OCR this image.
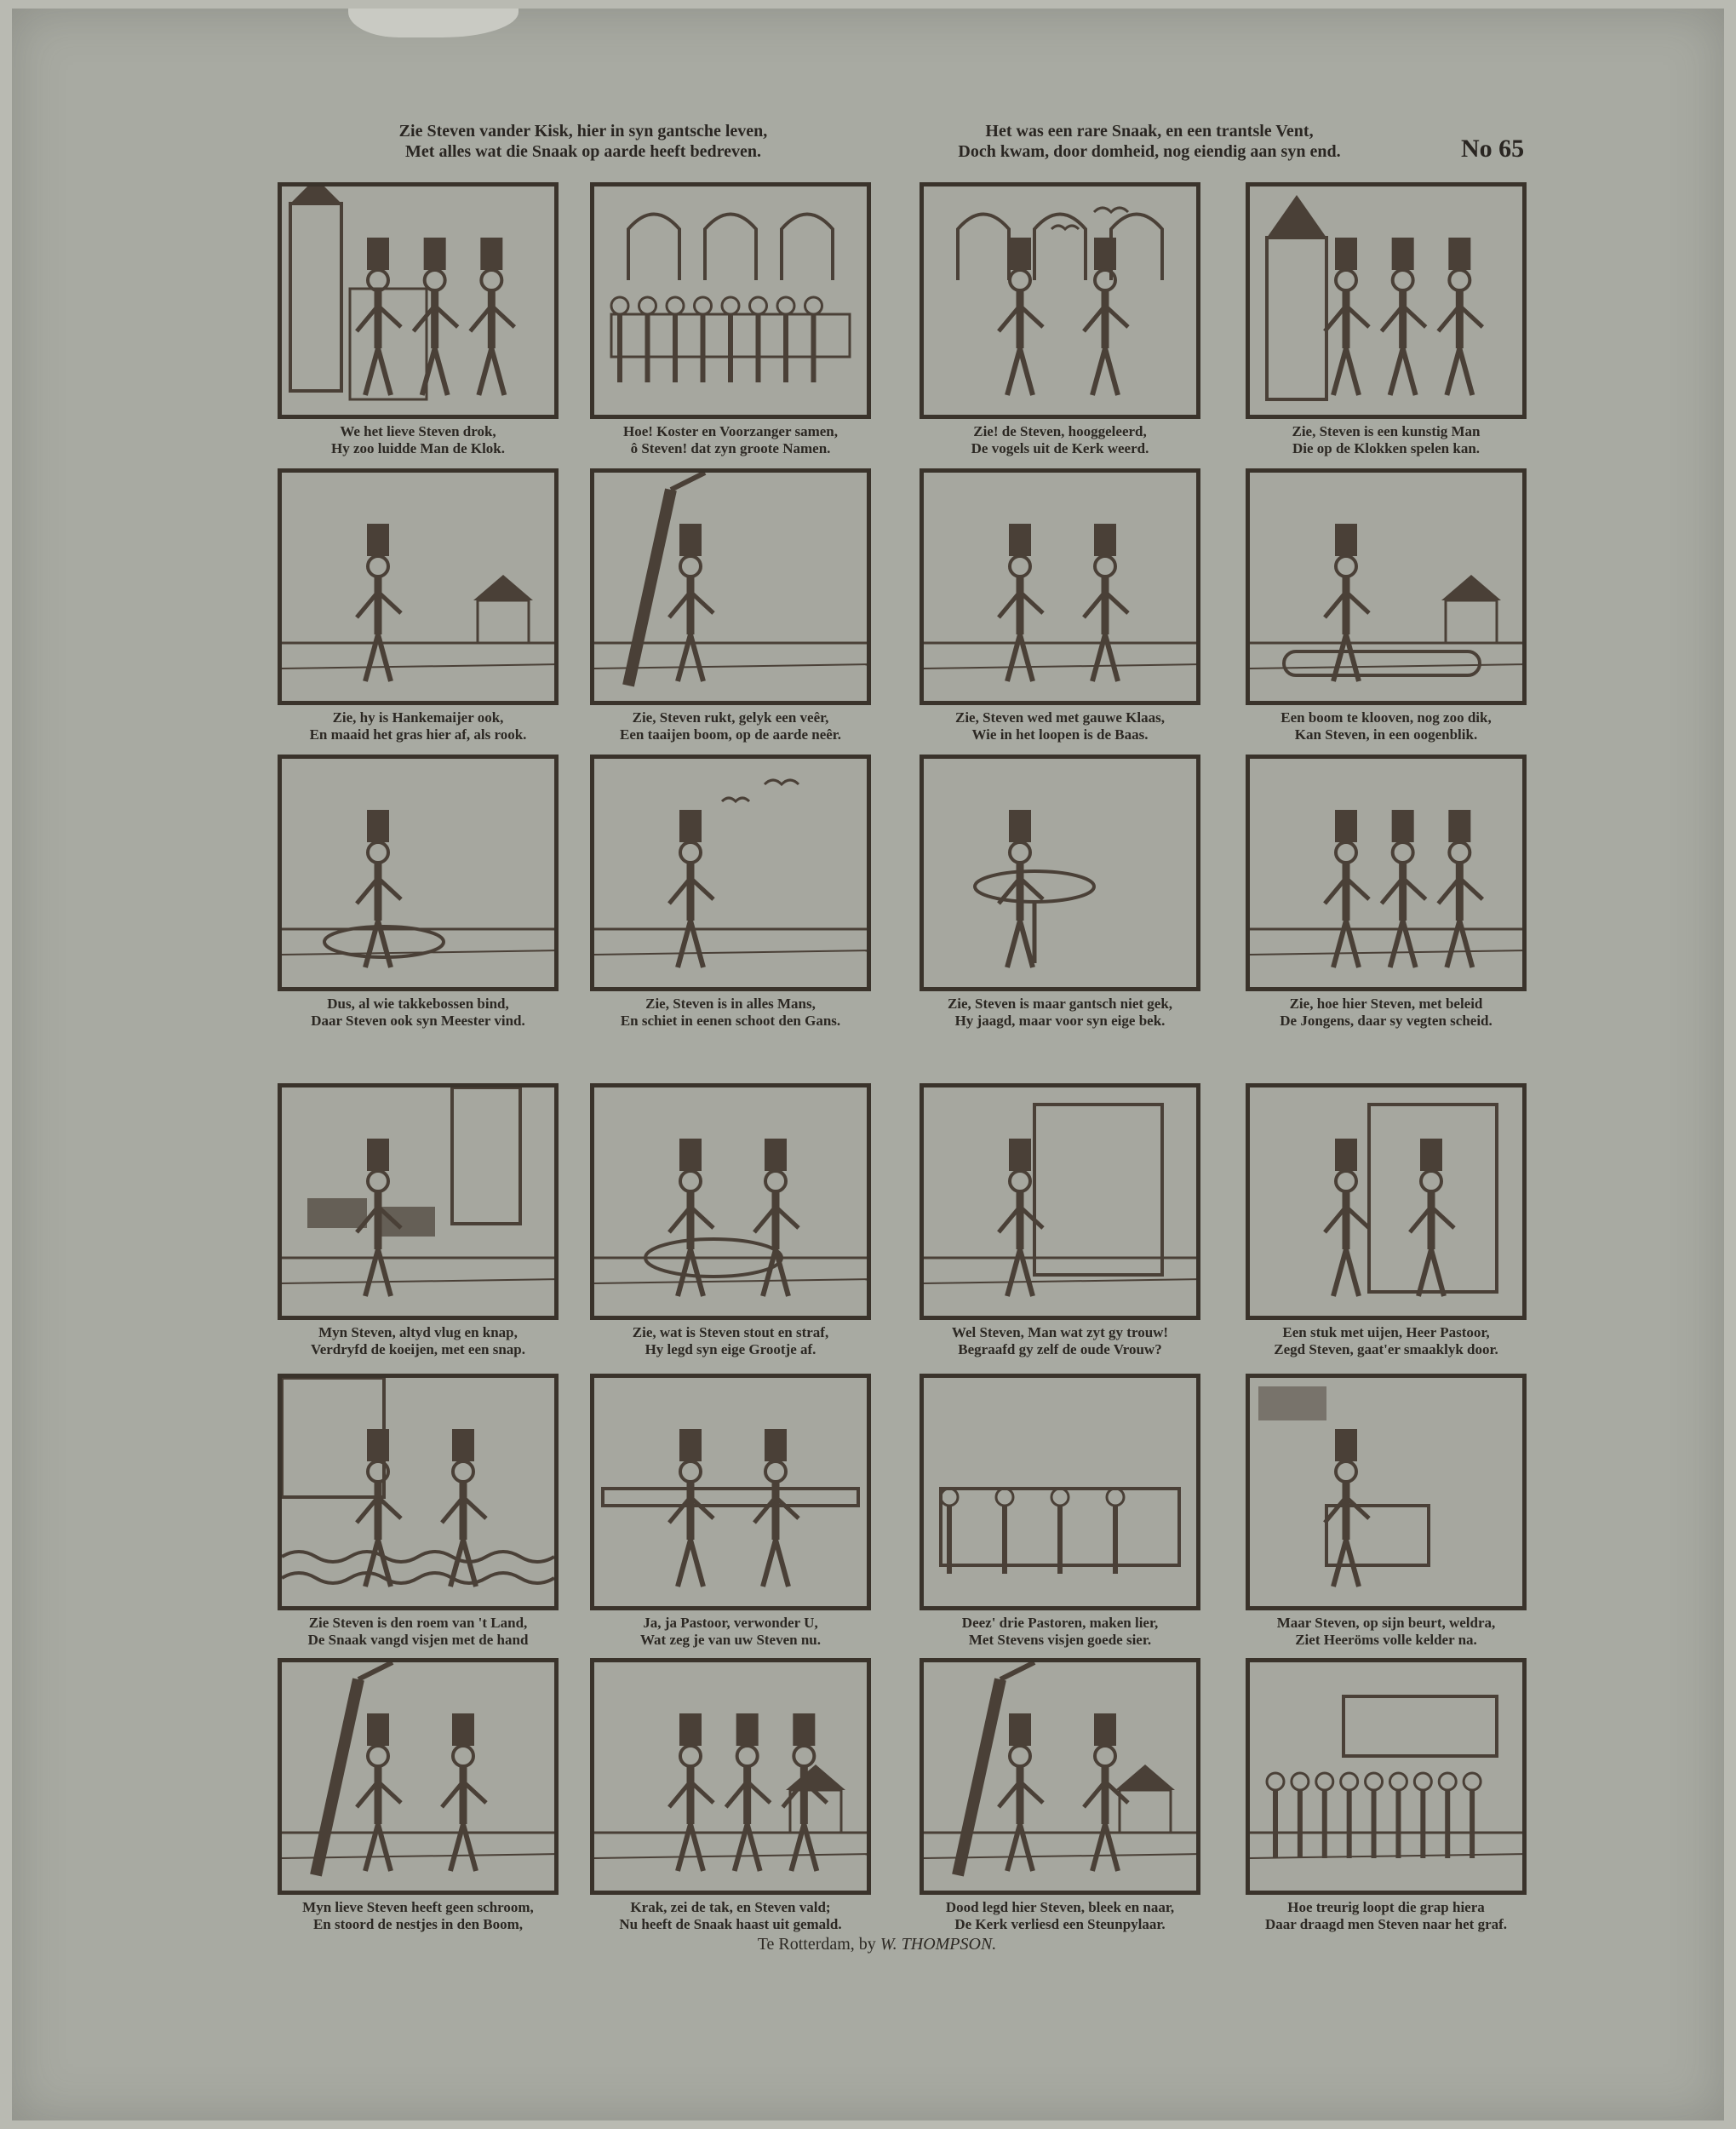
Zie Steven vander Kisk, hier in syn gantsche leven,
Met alles wat die Snaak op aarde heeft bedreven.
Het was een rare Snaak, en een trantsle Vent,
Doch kwam, door domheid, nog eiendig aan syn end.	No 65
Te Rotterdam, by W. THOMPSON.
We het lieve Steven drok,
Hy zoo luidde Man de Klok.
Hoe! Koster en Voorzanger samen,
ô Steven! dat zyn groote Namen.
Zie! de Steven, hooggeleerd,
De vogels uit de Kerk weerd.
Zie, Steven is een kunstig Man
Die op de Klokken spelen kan.
Zie, hy is Hankemaijer ook,
En maaid het gras hier af, als rook.
Zie, Steven rukt, gelyk een veêr,
Een taaijen boom, op de aarde neêr.
Zie, Steven wed met gauwe Klaas,
Wie in het loopen is de Baas.
Een boom te klooven, nog zoo dik,
Kan Steven, in een oogenblik.
Dus, al wie takkebossen bind,
Daar Steven ook syn Meester vind.
Zie, Steven is in alles Mans,
En schiet in eenen schoot den Gans.
Zie, Steven is maar gantsch niet gek,
Hy jaagd, maar voor syn eige bek.
Zie, hoe hier Steven, met beleid
De Jongens, daar sy vegten scheid.
Myn Steven, altyd vlug en knap,
Verdryfd de koeijen, met een snap.
Zie, wat is Steven stout en straf,
Hy legd syn eige Grootje af.
Wel Steven, Man wat zyt gy trouw!
Begraafd gy zelf de oude Vrouw?
Een stuk met uijen, Heer Pastoor,
Zegd Steven, gaat'er smaaklyk door.
Zie Steven is den roem van 't Land,
De Snaak vangd visjen met de hand
Ja, ja Pastoor, verwonder U,
Wat zeg je van uw Steven nu.
Deez' drie Pastoren, maken lier,
Met Stevens visjen goede sier.
Maar Steven, op sijn beurt, weldra,
Ziet Heeröms volle kelder na.
Myn lieve Steven heeft geen schroom,
En stoord de nestjes in den Boom,
Krak, zei de tak, en Steven vald;
Nu heeft de Snaak haast uit gemald.
Dood legd hier Steven, bleek en naar,
De Kerk verliesd een Steunpylaar.
Hoe treurig loopt die grap hiera
Daar draagd men Steven naar het graf.
